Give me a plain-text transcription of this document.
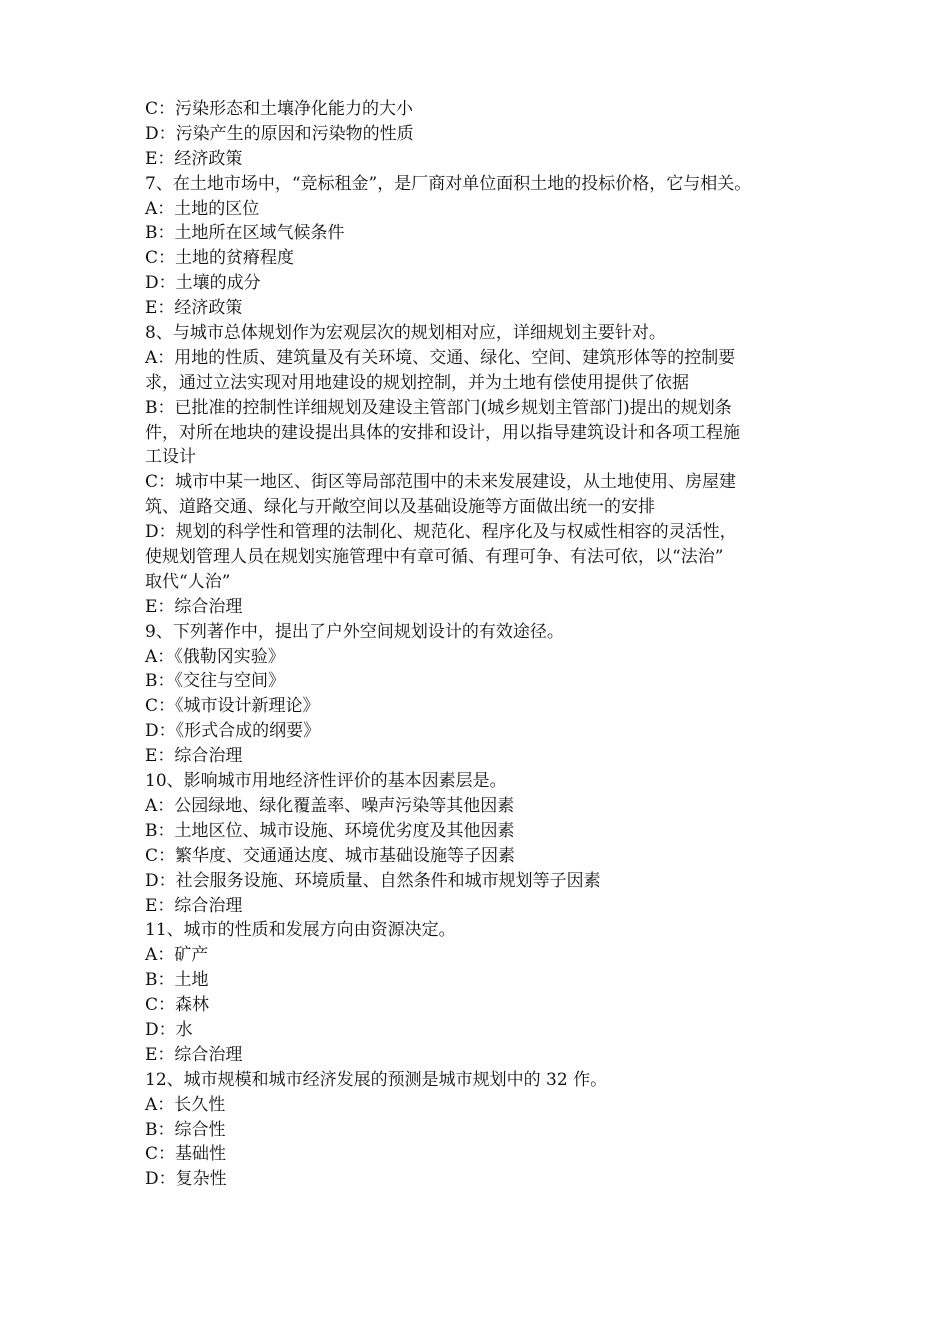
C：污染形态和土壤净化能力的大小
D：污染产生的原因和污染物的性质
E：经济政策
7、在土地市场中，“竞标租金”，是厂商对单位面积土地的投标价格，它与相关。
A：土地的区位
B：土地所在区域气候条件
C：土地的贫瘠程度
D：土壤的成分
E：经济政策
8、与城市总体规划作为宏观层次的规划相对应，详细规划主要针对。
A：用地的性质、建筑量及有关环境、交通、绿化、空间、建筑形体等的控制要
求，通过立法实现对用地建设的规划控制，并为土地有偿使用提供了依据
B：已批准的控制性详细规划及建设主管部门(城乡规划主管部门)提出的规划条
件，对所在地块的建设提出具体的安排和设计，用以指导建筑设计和各项工程施
工设计
C：城市中某一地区、街区等局部范围中的未来发展建设，从土地使用、房屋建
筑、道路交通、绿化与开敞空间以及基础设施等方面做出统一的安排
D：规划的科学性和管理的法制化、规范化、程序化及与权威性相容的灵活性，
使规划管理人员在规划实施管理中有章可循、有理可争、有法可依，以“法治”
取代“人治”
E：综合治理
9、下列著作中，提出了户外空间规划设计的有效途径。
A：《俄勒冈实验》
B：《交往与空间》
C：《城市设计新理论》
D：《形式合成的纲要》
E：综合治理
10、影响城市用地经济性评价的基本因素层是。
A：公园绿地、绿化覆盖率、噪声污染等其他因素
B：土地区位、城市设施、环境优劣度及其他因素
C：繁华度、交通通达度、城市基础设施等子因素
D：社会服务设施、环境质量、自然条件和城市规划等子因素
E：综合治理
11、城市的性质和发展方向由资源决定。
A：矿产
B：土地
C：森林
D：水
E：综合治理
12、城市规模和城市经济发展的预测是城市规划中的 32 作。
A：长久性
B：综合性
C：基础性
D：复杂性
